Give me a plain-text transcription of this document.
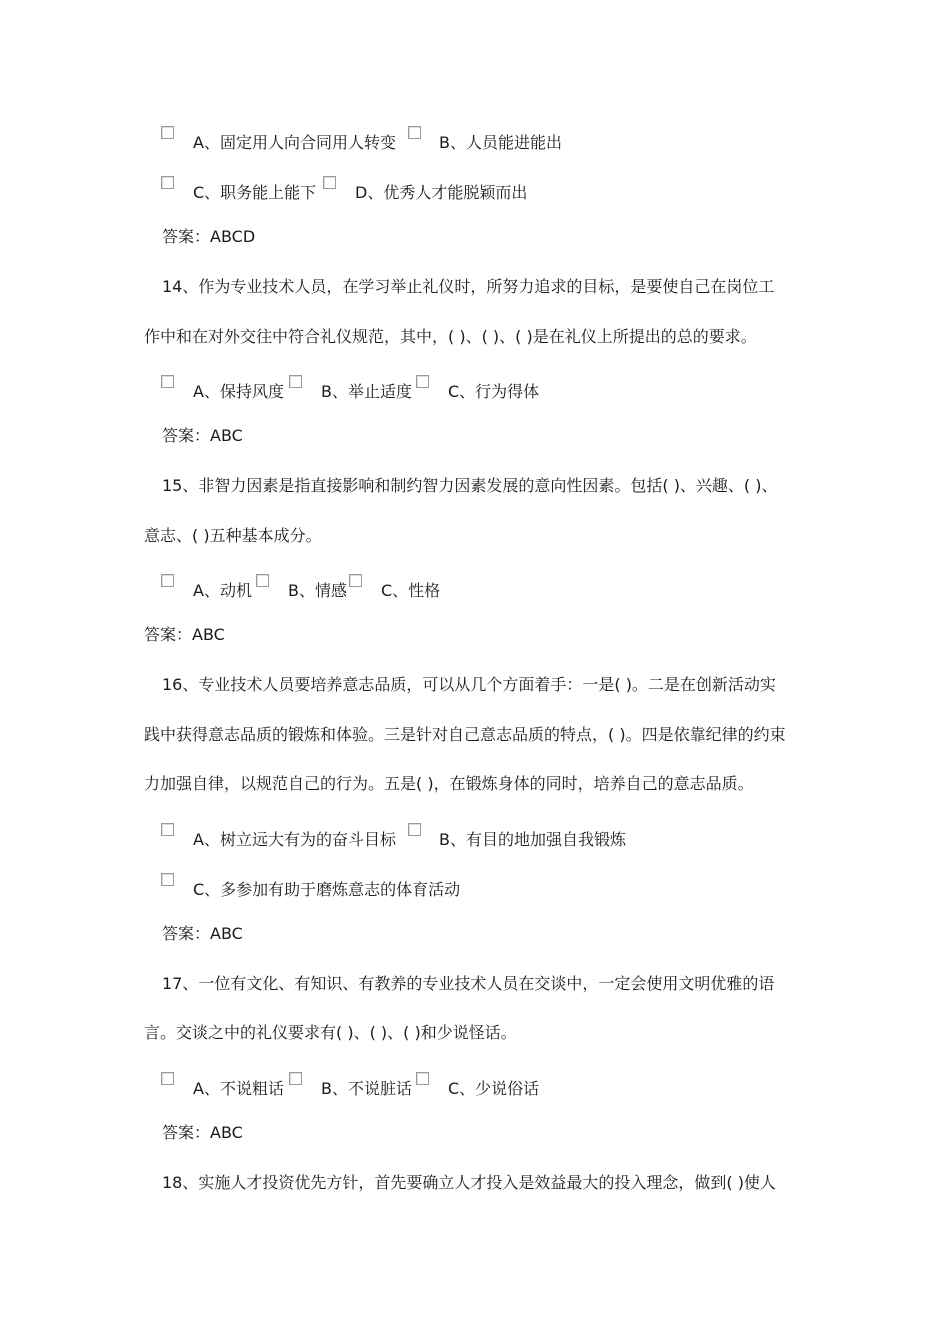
A、固定用人向合同用人转变	B、人员能进能出
C、职务能上能下 D、优秀人才能脱颖而出
答案：ABCD
14、作为专业技术人员，在学习举止礼仪时，所努力追求的目标，是要使自己在岗位工
作中和在对外交往中符合礼仪规范，其中，( )、( )、( )是在礼仪上所提出的总的要求。
A、保持风度 B、举止适度 C、行为得体
答案：ABC
15、非智力因素是指直接影响和制约智力因素发展的意向性因素。包括( )、兴趣、( )、
意志、( )五种基本成分。
A、动机 B、情感 C、性格
答案：ABC
16、专业技术人员要培养意志品质，可以从几个方面着手：一是( )。二是在创新活动实
践中获得意志品质的锻炼和体验。三是针对自己意志品质的特点，( )。四是依靠纪律的约束
力加强自律，以规范自己的行为。五是( )，在锻炼身体的同时，培养自己的意志品质。
A、树立远大有为的奋斗目标	B、有目的地加强自我锻炼
C、多参加有助于磨炼意志的体育活动
答案：ABC
17、一位有文化、有知识、有教养的专业技术人员在交谈中，一定会使用文明优雅的语
言。交谈之中的礼仪要求有( )、( )、( )和少说怪话。
A、不说粗话 B、不说脏话 C、少说俗话
答案：ABC
18、实施人才投资优先方针，首先要确立人才投入是效益最大的投入理念，做到( )使人
